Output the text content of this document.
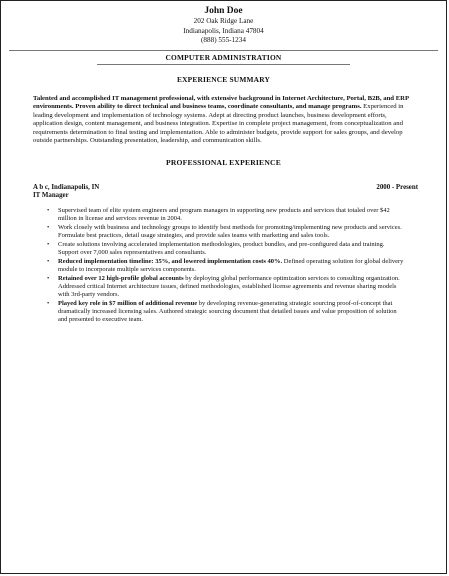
John Doe
202 Oak Ridge Lane
Indianapolis, Indiana 47804
(888) 555-1234
COMPUTER ADMINISTRATION
EXPERIENCE SUMMARY
Talented and accomplished IT management professional, with extensive background in Internet Architecture, Portal, B2B, and ERP environments. Proven ability to direct technical and business teams, coordinate consultants, and manage programs. Experienced in leading development and implementation of technology systems. Adept at directing product launches, business development efforts, application design, content management, and business integration. Expertise in complete project management, from conceptualization and requirements determination to final testing and implementation. Able to administer budgets, provide support for sales groups, and develop outside partnerships. Outstanding presentation, leadership, and communication skills.
PROFESSIONAL EXPERIENCE
A b c, Indianapolis, IN	2000 - Present
IT Manager
• Supervised team of elite system engineers and program managers in supporting new products and services that totaled over $42 million in license and services revenue in 2004.
• Work closely with business and technology groups to identify best methods for promoting/implementing new products and services. Formulate best practices, detail usage strategies, and provide sales teams with marketing and sales tools.
• Create solutions involving accelerated implementation methodologies, product bundles, and pre-configured data and training. Support over 7,000 sales representatives and consultants.
• Reduced implementation timeline: 35%, and lowered implementation costs 40%. Defined operating solution for global delivery module to incorporate multiple services components.
• Retained over 12 high-profile global accounts by deploying global performance optimization services to consulting organization. Addressed critical Internet architecture issues, defined methodologies, established license agreements and revenue sharing models with 3rd-party vendors.
• Played key role in $7 million of additional revenue by developing revenue-generating strategic sourcing proof-of-concept that dramatically increased licensing sales. Authored strategic sourcing document that detailed issues and value proposition of solution and presented to executive team.
